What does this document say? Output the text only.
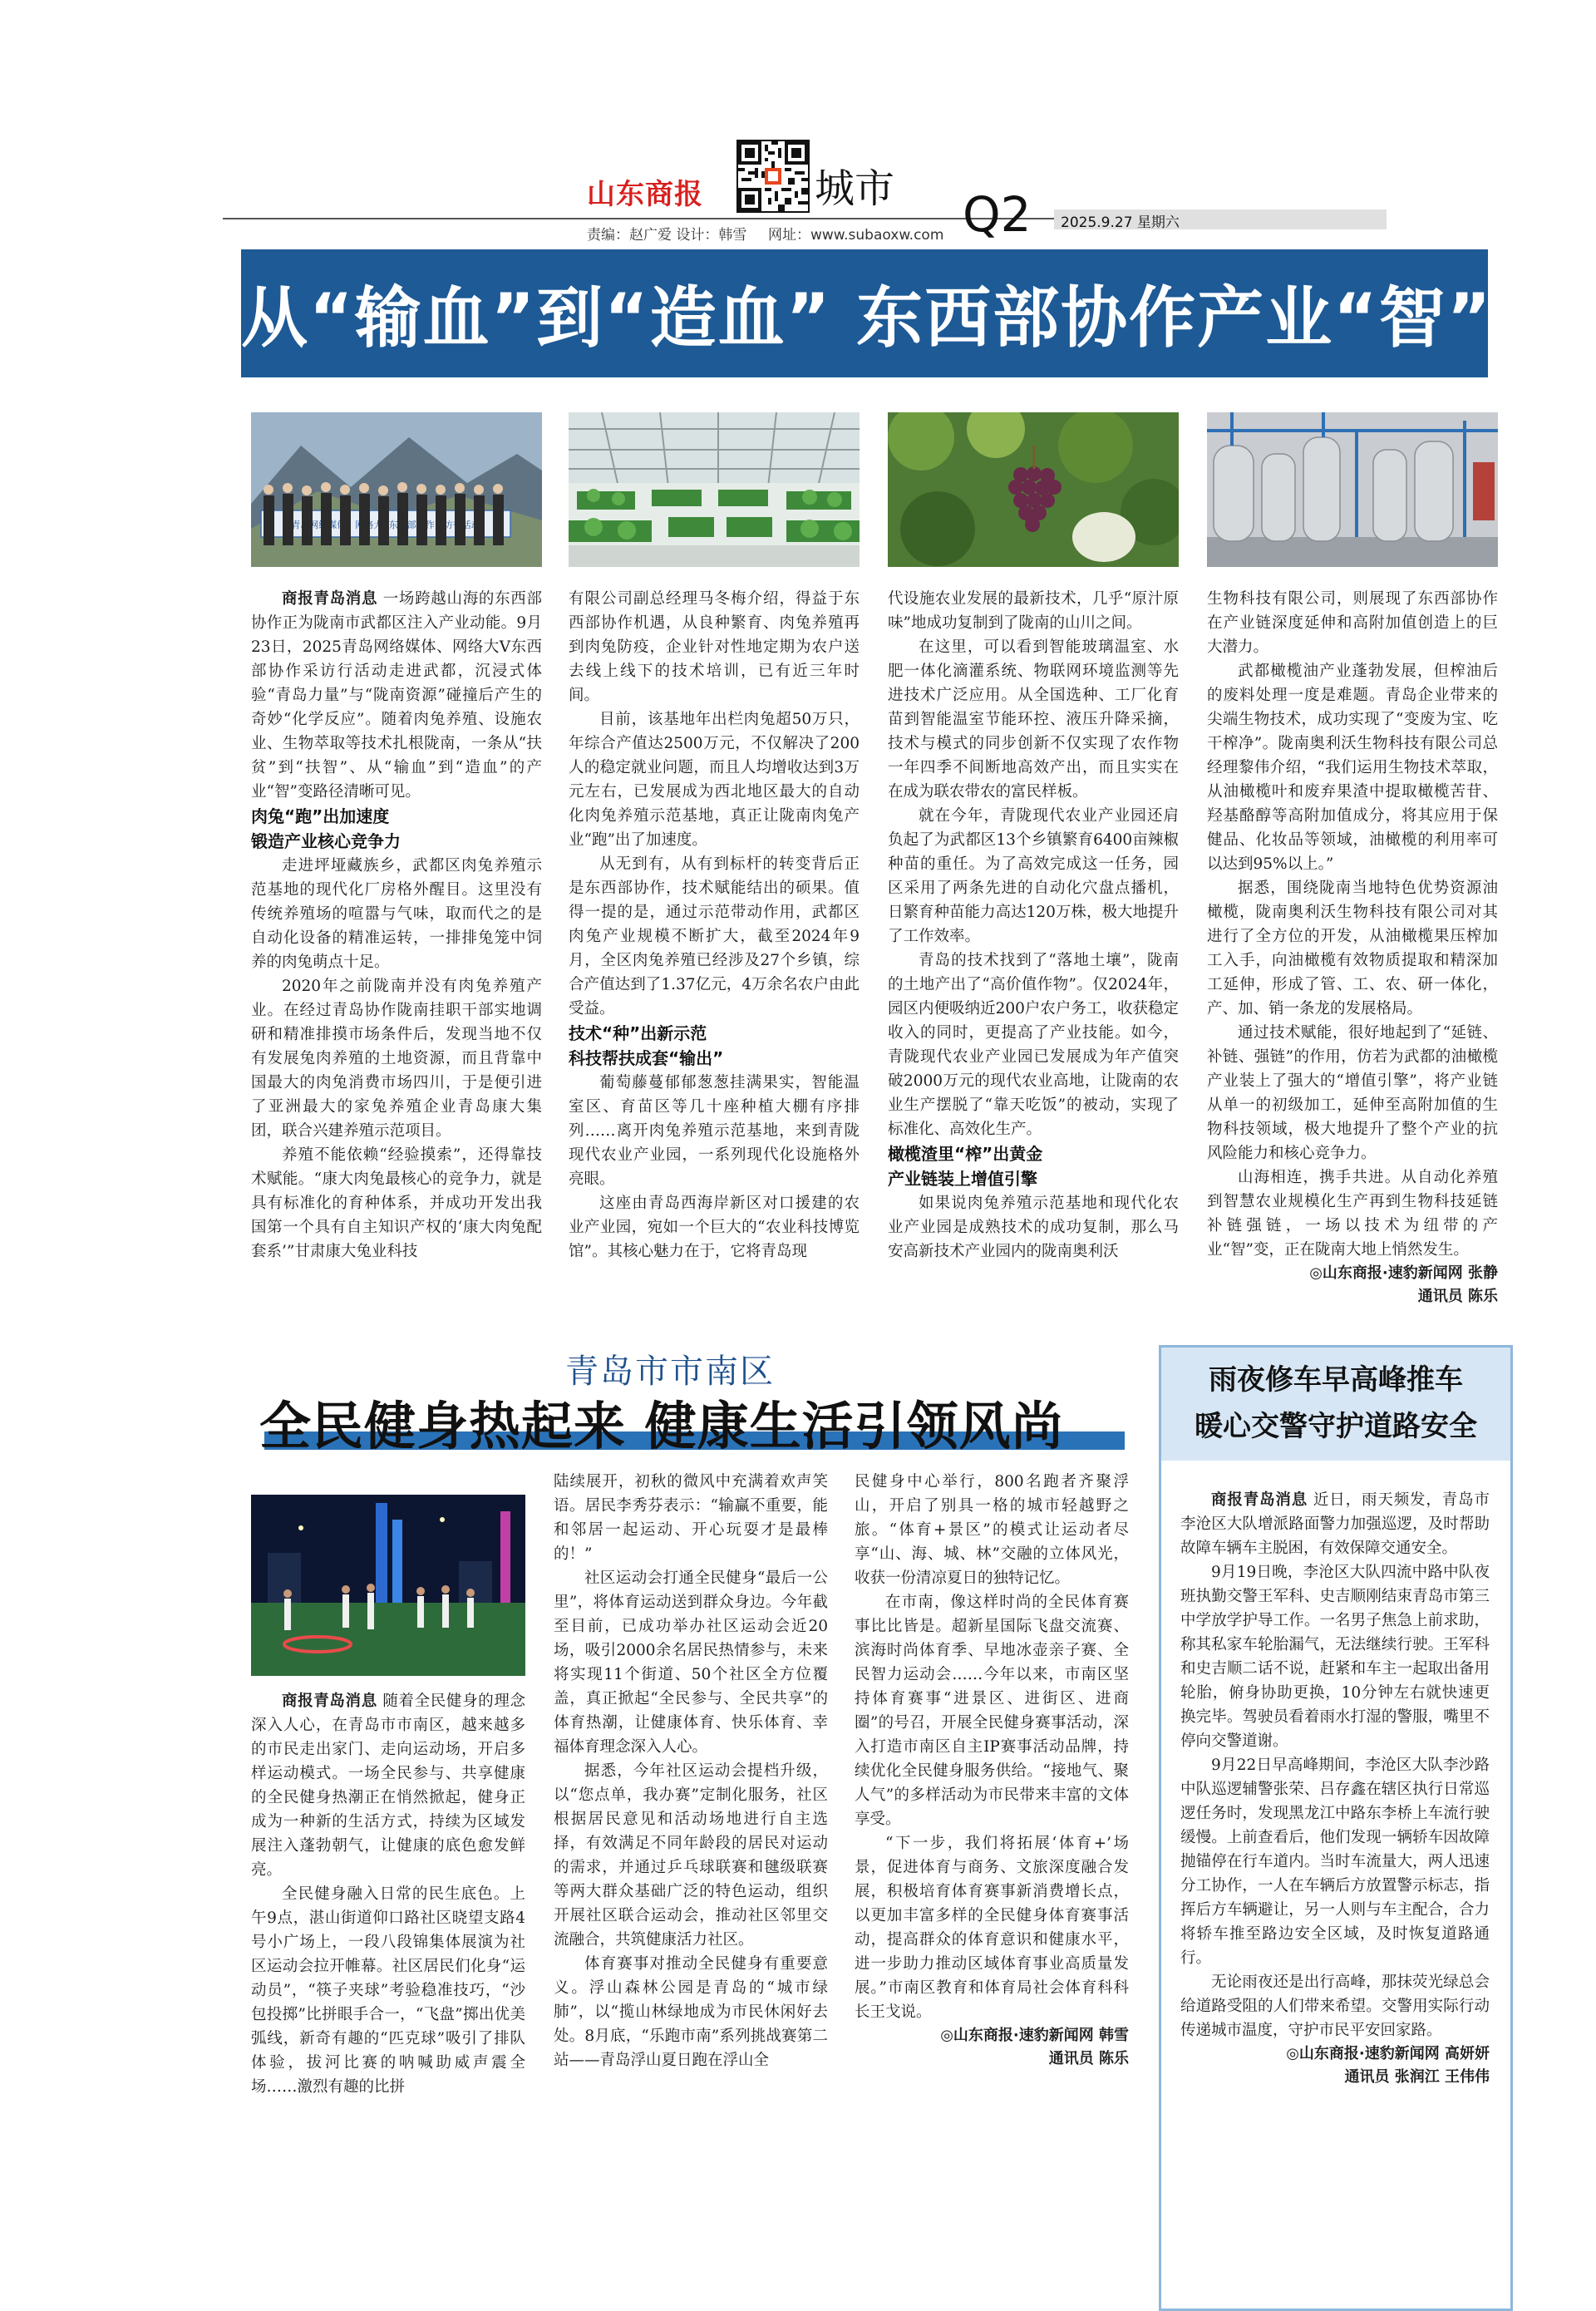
山东商报	城市
责编：赵广爱 设计：韩雪 网址：www.subaoxw.com Q2 2025.9.27 星期六
从“输血”到“造血” 东西部协作产业“智”变

商报青岛消息 一场跨越山海的东西部协作正为陇南市武都区注入产业动能。9月23日，2025青岛网络媒体、网络大V东西部协作采访行活动走进武都，沉浸式体验“青岛力量”与“陇南资源”碰撞后产生的奇妙“化学反应”。随着肉兔养殖、设施农业、生物萃取等技术扎根陇南，一条从“扶贫”到“扶智”、从“输血”到“造血”的产业“智”变路径清晰可见。

肉兔“跑”出加速度
锻造产业核心竞争力

走进坪垭藏族乡，武都区肉兔养殖示范基地的现代化厂房格外醒目。这里没有传统养殖场的喧嚣与气味，取而代之的是自动化设备的精准运转，一排排兔笼中饲养的肉兔萌点十足。

2020年之前陇南并没有肉兔养殖产业。在经过青岛协作陇南挂职干部实地调研和精准排摸市场条件后，发现当地不仅有发展兔肉养殖的土地资源，而且背靠中国最大的肉兔消费市场四川，于是便引进了亚洲最大的家兔养殖企业青岛康大集团，联合兴建养殖示范项目。

养殖不能依赖“经验摸索”，还得靠技术赋能。“康大肉兔最核心的竞争力，就是具有标准化的育种体系，并成功开发出我国第一个具有自主知识产权的‘康大肉兔配套系’”甘肃康大兔业科技

有限公司副总经理马冬梅介绍，得益于东西部协作机遇，从良种繁育、肉兔养殖再到肉兔防疫，企业针对性地定期为农户送去线上线下的技术培训，已有近三年时间。

目前，该基地年出栏肉兔超50万只，年综合产值达2500万元，不仅解决了200人的稳定就业问题，而且人均增收达到3万元左右，已发展成为西北地区最大的自动化肉兔养殖示范基地，真正让陇南肉兔产业“跑”出了加速度。

从无到有，从有到标杆的转变背后正是东西部协作，技术赋能结出的硕果。值得一提的是，通过示范带动作用，武都区肉兔产业规模不断扩大，截至2024年9月，全区肉兔养殖已经涉及27个乡镇，综合产值达到了1.37亿元，4万余名农户由此受益。

技术“种”出新示范
科技帮扶成套“输出”

葡萄藤蔓郁郁葱葱挂满果实，智能温室区、育苗区等几十座种植大棚有序排列……离开肉兔养殖示范基地，来到青陇现代农业产业园，一系列现代化设施格外亮眼。

这座由青岛西海岸新区对口援建的农业产业园，宛如一个巨大的“农业科技博览馆”。其核心魅力在于，它将青岛现

代设施农业发展的最新技术，几乎“原汁原味”地成功复制到了陇南的山川之间。

在这里，可以看到智能玻璃温室、水肥一体化滴灌系统、物联网环境监测等先进技术广泛应用。从全国选种、工厂化育苗到智能温室节能环控、液压升降采摘，技术与模式的同步创新不仅实现了农作物一年四季不间断地高效产出，而且实实在在成为联农带农的富民样板。

就在今年，青陇现代农业产业园还肩负起了为武都区13个乡镇繁育6400亩辣椒种苗的重任。为了高效完成这一任务，园区采用了两条先进的自动化穴盘点播机，日繁育种苗能力高达120万株，极大地提升了工作效率。

青岛的技术找到了“落地土壤”，陇南的土地产出了“高价值作物”。仅2024年，园区内便吸纳近200户农户务工，收获稳定收入的同时，更提高了产业技能。如今，青陇现代农业产业园已发展成为年产值突破2000万元的现代农业高地，让陇南的农业生产摆脱了“靠天吃饭”的被动，实现了标准化、高效化生产。

橄榄渣里“榨”出黄金
产业链装上增值引擎

如果说肉兔养殖示范基地和现代化农业产业园是成熟技术的成功复制，那么马安高新技术产业园内的陇南奥利沃

生物科技有限公司，则展现了东西部协作在产业链深度延伸和高附加值创造上的巨大潜力。

武都橄榄油产业蓬勃发展，但榨油后的废料处理一度是难题。青岛企业带来的尖端生物技术，成功实现了“变废为宝、吃干榨净”。陇南奥利沃生物科技有限公司总经理黎伟介绍，“我们运用生物技术萃取，从油橄榄叶和废弃果渣中提取橄榄苦苷、羟基酪醇等高附加值成分，将其应用于保健品、化妆品等领域，油橄榄的利用率可以达到95%以上。”

据悉，围绕陇南当地特色优势资源油橄榄，陇南奥利沃生物科技有限公司对其进行了全方位的开发，从油橄榄果压榨加工入手，向油橄榄有效物质提取和精深加工延伸，形成了管、工、农、研一体化，产、加、销一条龙的发展格局。

通过技术赋能，很好地起到了“延链、补链、强链”的作用，仿若为武都的油橄榄产业装上了强大的“增值引擎”，将产业链从单一的初级加工，延伸至高附加值的生物科技领域，极大地提升了整个产业的抗风险能力和核心竞争力。

山海相连，携手共进。从自动化养殖到智慧农业规模化生产再到生物科技延链补链强链，一场以技术为纽带的产业“智”变，正在陇南大地上悄然发生。

◎山东商报·速豹新闻网 张静
通讯员 陈乐
青岛市市南区
全民健身热起来 健康生活引领风尚

商报青岛消息 随着全民健身的理念深入人心，在青岛市市南区，越来越多的市民走出家门、走向运动场，开启多样运动模式。一场全民参与、共享健康的全民健身热潮正在悄然掀起，健身正成为一种新的生活方式，持续为区域发展注入蓬勃朝气，让健康的底色愈发鲜亮。

全民健身融入日常的民生底色。上午9点，湛山街道仰口路社区晓望支路4号小广场上，一段八段锦集体展演为社区运动会拉开帷幕。社区居民们化身“运动员”，“筷子夹球”考验稳准技巧，“沙包投掷”比拼眼手合一，“飞盘”掷出优美弧线，新奇有趣的“匹克球”吸引了排队体验，拔河比赛的呐喊助威声震全场……激烈有趣的比拼

陆续展开，初秋的微风中充满着欢声笑语。居民李秀芬表示：“输赢不重要，能和邻居一起运动、开心玩耍才是最棒的！”

社区运动会打通全民健身“最后一公里”，将体育运动送到群众身边。今年截至目前，已成功举办社区运动会近20场，吸引2000余名居民热情参与，未来将实现11个街道、50个社区全方位覆盖，真正掀起“全民参与、全民共享”的体育热潮，让健康体育、快乐体育、幸福体育理念深入人心。

据悉，今年社区运动会提档升级，以“您点单，我办赛”定制化服务，社区根据居民意见和活动场地进行自主选择，有效满足不同年龄段的居民对运动的需求，并通过乒乓球联赛和毽级联赛等两大群众基础广泛的特色运动，组织开展社区联合运动会，推动社区邻里交流融合，共筑健康活力社区。

体育赛事对推动全民健身有重要意义。浮山森林公园是青岛的“城市绿肺”，以“揽山林绿地成为市民休闲好去处。8月底，“乐跑市南”系列挑战赛第二站——青岛浮山夏日跑在浮山全

民健身中心举行，800名跑者齐聚浮山，开启了别具一格的城市轻越野之旅。“体育+景区”的模式让运动者尽享“山、海、城、林”交融的立体风光，收获一份清凉夏日的独特记忆。

在市南，像这样时尚的全民体育赛事比比皆是。超新星国际飞盘交流赛、滨海时尚体育季、早地冰壶亲子赛、全民智力运动会……今年以来，市南区坚持体育赛事“进景区、进街区、进商圈”的号召，开展全民健身赛事活动，深入打造市南区自主IP赛事活动品牌，持续优化全民健身服务供给。“接地气、聚人气”的多样活动为市民带来丰富的文体享受。

“下一步，我们将拓展‘体育+’场景，促进体育与商务、文旅深度融合发展，积极培育体育赛事新消费增长点，以更加丰富多样的全民健身体育赛事活动，提高群众的体育意识和健康水平，进一步助力推动区域体育事业高质量发展。”市南区教育和体育局社会体育科科长王戈说。

◎山东商报·速豹新闻网 韩雪
通讯员 陈乐
雨夜修车早高峰推车
暖心交警守护道路安全

商报青岛消息 近日，雨天频发，青岛市李沧区大队增派路面警力加强巡逻，及时帮助故障车辆车主脱困，有效保障交通安全。

9月19日晚，李沧区大队四流中路中队夜班执勤交警王军科、史吉顺刚结束青岛市第三中学放学护导工作。一名男子焦急上前求助，称其私家车轮胎漏气，无法继续行驶。王军科和史吉顺二话不说，赶紧和车主一起取出备用轮胎，俯身协助更换，10分钟左右就快速更换完毕。驾驶员看着雨水打湿的警服，嘴里不停向交警道谢。

9月22日早高峰期间，李沧区大队李沙路中队巡逻辅警张荣、吕存鑫在辖区执行日常巡逻任务时，发现黑龙江中路东李桥上车流行驶缓慢。上前查看后，他们发现一辆轿车因故障抛锚停在行车道内。当时车流量大，两人迅速分工协作，一人在车辆后方放置警示标志，指挥后方车辆避让，另一人则与车主配合，合力将轿车推至路边安全区域，及时恢复道路通行。

无论雨夜还是出行高峰，那抹荧光绿总会给道路受阻的人们带来希望。交警用实际行动传递城市温度，守护市民平安回家路。

◎山东商报·速豹新闻网 高妍妍
通讯员 张润江 王伟伟
